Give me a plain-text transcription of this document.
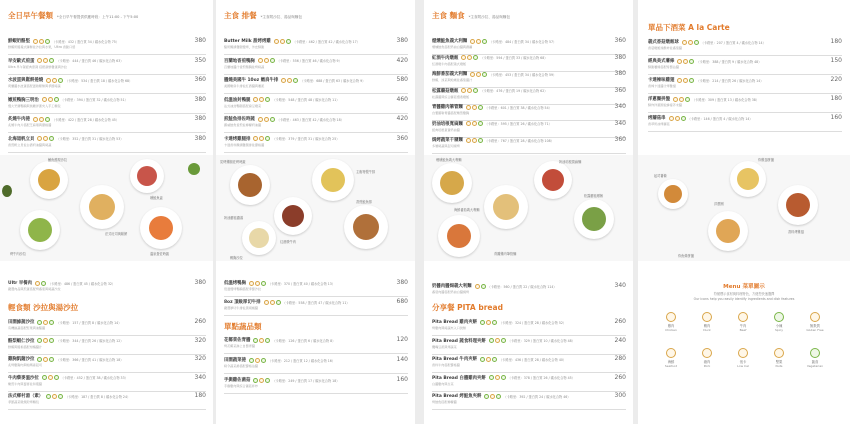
全日早午餐類 *全日早午餐提供供應時段：上午11:00 - 下午5:00
鮮蝦奶酪堅	（卡路里：432 / 蛋白質 34 / 碳水化合物 75）	380
鮮蝦奶酪義式薄餅佐沙拉與水果，Ultra 香脆口感
早安歐式煎蛋	（卡路里：444 / 蛋白質 46 / 碳水化合物 63）	350
Ultra 早午餐經典套餐 搭配新鮮雞蛋與沙拉
水波蛋與鬆餅捲燒	（卡路里：534 / 蛋白質 18 / 碳水化合物 68）	360
荷蘭醬水波蛋搭配溫熱鬆餅與季節時蔬
嫩煎鴨胸三明治	（卡路里：394 / 蛋白質 32 / 碳水化合物 51）	380
慢火烹調鴨胸與焦糖洋蔥夾入手工麵包
炙燒牛肉捲	（卡路里：422 / 蛋白質 28 / 碳水化合物 45）	380
炙燒牛肉片搭配芝麻葉與優格醬
北海道帆立貝	（卡路里：352 / 蛋白質 31 / 碳水化合物 53）	380
香煎帆立貝佐白酒奶油醬與時蔬
鮪魚酪梨沙拉
燻鮭魚盅
法式吐司與鬆餅
烤牛肉沙拉	溫泉蛋佐時蔬
Ultr 早餐肉	（卡路里：486 / 蛋白質 45 / 碳水化合物 32）	380
嚴選肉品與煎蛋搭配烤番茄與時蔬沙拉
輕食類 沙拉與湯沙拉
田園綠蔬沙拉	（卡路里：157 / 蛋白質 8 / 碳水化合物 14）	260
有機綠蔬搭配堅果與油醋醬
酪梨蝦仁沙拉	（卡路里：344 / 蛋白質 26 / 碳水化合物 12）	320
鮮蝦與酪梨搭配柑橘醬汁
雞胸凱薩沙拉	（卡路里：366 / 蛋白質 41 / 碳水化合物 18）	320
炙烤雞胸肉與帕瑪森起司
牛肉藜麥溫沙拉	（卡路里：452 / 蛋白質 38 / 碳水化合物 33）	340
嫩煎牛肉與藜麥佐和風醬
法式鄉村湯（素）	（卡路里：187 / 蛋白質 8 / 碳水化合物 24）	180
季節蔬菜燉煮附烤麵包
主食 排餐 *主食附沙拉、湯品與麵包
Butter Milk 甜烤烤雞	（卡路里：462 / 蛋白質 42 / 碳水化合物 17）	380
酪奶醃漬雞腿慢烤，外皮酥脆
百蘭地香煎鴨胸	（卡路里：556 / 蛋白質 46 / 碳水化合物 9）	420
百蘭地醬汁香煎鴨胸佐烤時蔬
醬燒美國牛 10oz 嫩肩牛排	（卡路里：688 / 蛋白質 63 / 碳水化合物 9）	580
美國嫩肩牛排佐紅酒醬與薯泥
低溫油封鴨腿	（卡路里：548 / 蛋白質 48 / 碳水化合物 11）	460
法式油封鴨腿搭配扁豆燉菜
煎鮭魚排佐時蔬	（卡路里：463 / 蛋白質 42 / 碳水化合物 18）	420
挪威鮭魚香煎佐檸檬奶油醬
卡達烤雞腿排	（卡路里：379 / 蛋白質 31 / 碳水化合物 25）	360
卡達香料醃漬雞腿排佐優格醬
炭烤雞腿佐烤時蔬
主廚特製牛排
香煎鮭魚排
奶油蘑菇濃湯
紅酒燉牛肉
鴨胸沙拉
低溫烤鴨胸	（卡路里：370 / 蛋白質 40 / 碳水化合物 13）	380
低溫慢烤鴨胸搭配季節沙拉
8oz 頂級厚切牛排	（卡路里：558 / 蛋白質 47 / 碳水化合物 11）	680
嚴選厚切牛排佐黑胡椒醬
單點蔬品類
花椰菜佐青醬	（卡路里：126 / 蛋白質 6 / 碳水化合物 8）	120
烤花椰菜淋上自製青醬
田園蔬菜捲	（卡路里：212 / 蛋白質 12 / 碳水化合物 16）	140
時令蔬菜捲搭配優格沾醬
手撕雞佐菌菇	（卡路里：249 / 蛋白質 17 / 碳水化合物 18）	160
手撕雞肉與綜合菌菇拌炒
主食 麵食 *主食附沙拉、湯品與麵包
煙燻鮭魚義大利麵	（卡路里：484 / 蛋白質 34 / 碳水化合物 57）	360
煙燻鮭魚搭配奶油白醬與蒔蘿
紅酒牛肉燉飯	（卡路里：594 / 蛋白質 33 / 碳水化合物 68）	380
紅酒燉牛肉搭配義式燉飯
海鮮番茄義大利麵	（卡路里：453 / 蛋白質 34 / 碳水化合物 59）	380
鮮蝦、淡菜與蛤蜊佐番茄醬汁
松露蘑菇燉飯	（卡路里：476 / 蛋白質 19 / 碳水化合物 62）	360
松露醬與綜合蘑菇慢煮燉飯
青醬雞肉筆管麵	（卡路里：601 / 蛋白質 38 / 碳水化合物 54）	340
自製羅勒青醬搭配嫩煎雞胸
奶油培根寬扁麵	（卡路里：595 / 蛋白質 26 / 碳水化合物 71）	340
經典培根蛋黃奶油醬
焗烤蔬菜千層麵	（卡路里：767 / 蛋白質 28 / 碳水化合物 108）	360
多層時蔬與起司焗烤
煙燻鮭魚義大利麵	奶油培根寬扁麵
松露蘑菇燉飯
海鮮番茄義大利麵
青醬雞肉筆管麵
奶醬肉醬焗義大利麵	（卡路里：560 / 蛋白質 22 / 碳水化合物 114）	340
番茄肉醬搭配奶油白醬焗烤
分享餐 PITA bread
Pita Bread 雞肉夾餅	（卡路里：324 / 蛋白質 28 / 碳水化合物 52）	260
烤雞肉與時蔬夾入口袋餅
Pita Bread 蔬食料理夾餅	（卡路里：329 / 蛋白質 10 / 碳水化合物 48）	240
鷹嘴豆泥與烤蔬菜
Pita Bread 牛肉夾餅	（卡路里：436 / 蛋白質 28 / 碳水化合物 40）	280
香料牛肉搭配優格醬
Pita Bread 白醬雞肉夾餅	（卡路里：378 / 蛋白質 26 / 碳水化合物 45）	260
白醬雞肉與生菜
Pita Bread 烤鮭魚夾餅	（卡路里：392 / 蛋白質 24 / 碳水化合物 46）	300
烤鮭魚搭配檸檬醬
單品下酒菜 A la Carte
義式香菇燉飯球	（卡路里：207 / 蛋白質 4 / 碳水化合物 14）	180
香菇燉飯球酥炸佐番茄醬
經典美式薯條	（卡路里：388 / 蛋白質 9 / 碳水化合物 48）	150
酥脆薯條搭配特製沾醬
卡達辣味雞翅	（卡路里：214 / 蛋白質 26 / 碳水化合物 14）	220
香辣卡達醬汁烤雞翅
洋蔥圈拼盤	（卡路里：309 / 蛋白質 13 / 碳水化合物 38）	180
酥炸洋蔥圈佐蜂蜜芥末醬
烤蘑菇串	（卡路里：146 / 蛋白質 4 / 碳水化合物 14）	160
香草奶油烤蘑菇
炸雞翅拼盤
起司薯條
洋蔥圈
香料烤雞翅
炸魚條拼盤
Menu 菜單圖示
符號標示食材與料理特色，方便您快速選擇
Our icons help you easily identify ingredients and dish features
雞肉
Chicken
鴨肉
Duck
牛肉
Beef
小辣
Spicy
無麩質
Gluten Free
海鮮
Seafood
豬肉
Pork
低卡
Low Cal
堅果
Nuts
蔬食
Vegetarian
